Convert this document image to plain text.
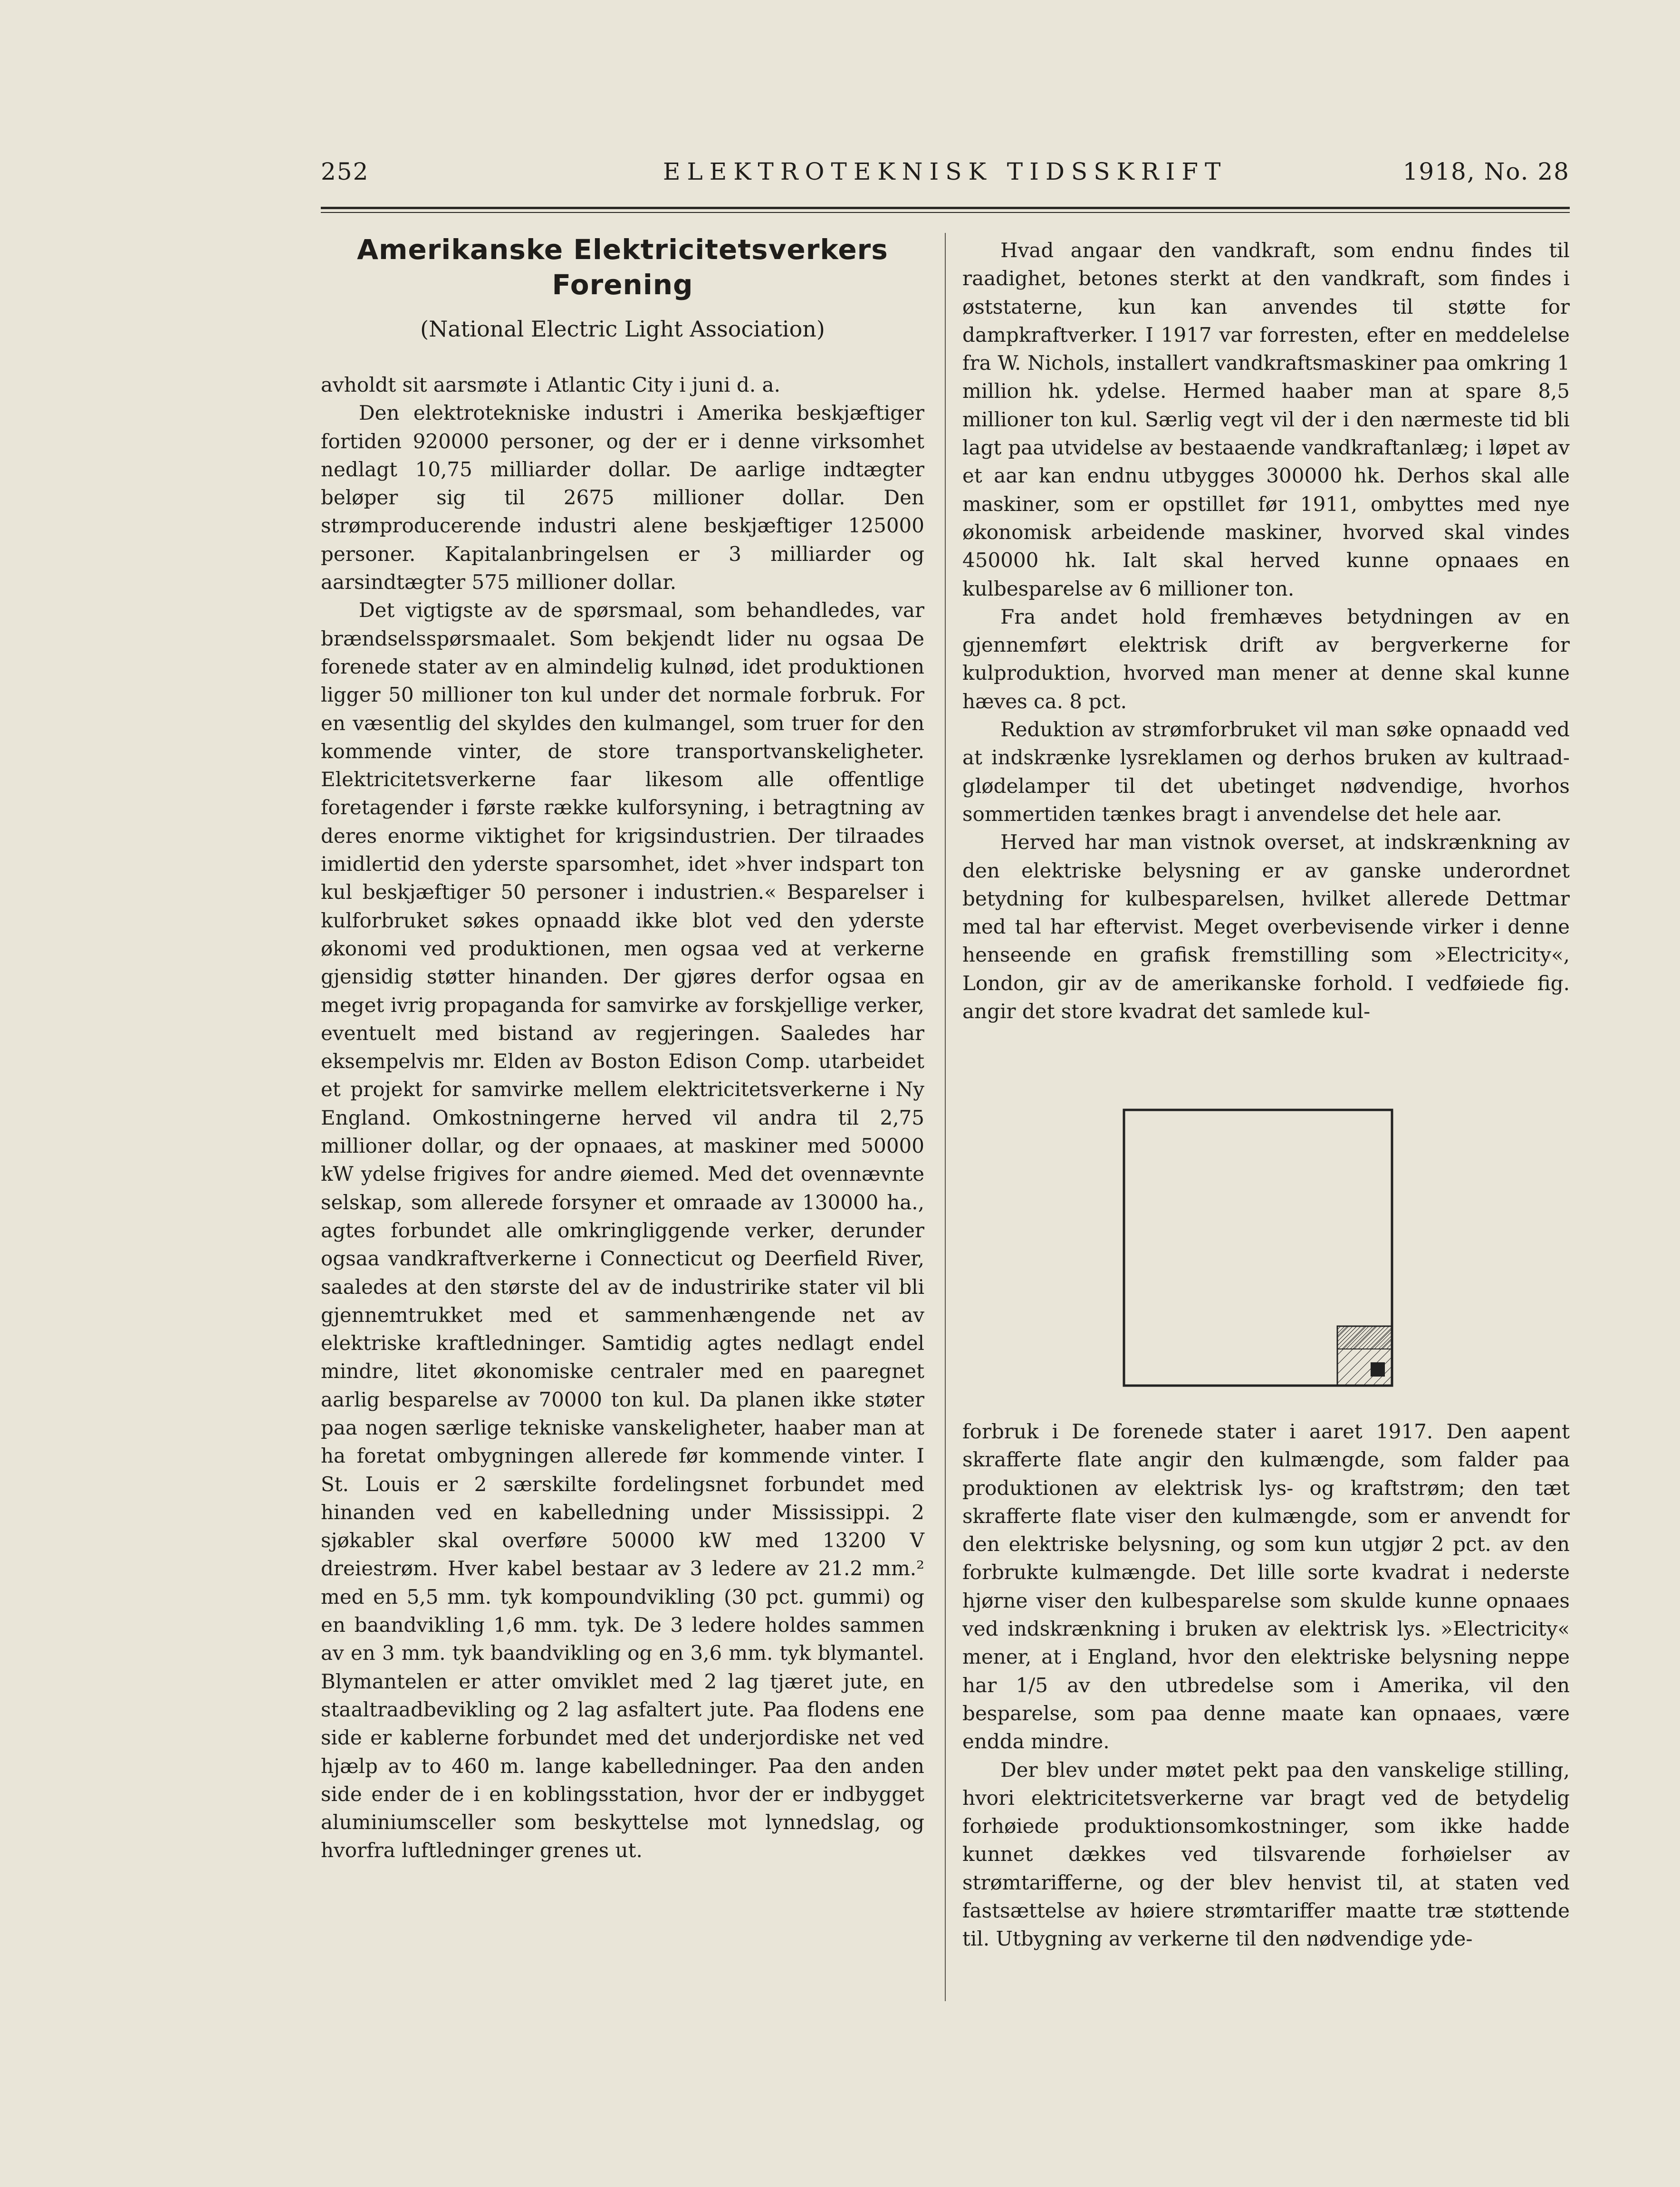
252	ELEKTROTEKNISK TIDSSKRIFT	1918, No. 28
Amerikanske Elektricitetsverkers
Forening
(National Electric Light Association)

avholdt sit aarsmøte i Atlantic City i juni d. a.

Den elektrotekniske industri i Amerika beskjæftiger fortiden 920000 personer, og der er i denne virksomhet nedlagt 10,75 milliarder dollar. De aarlige indtægter beløper sig til 2675 millioner dollar. Den strømproducerende industri alene beskjæftiger 125000 personer. Kapitalanbringelsen er 3 milliarder og aarsindtægter 575 millioner dollar.

Det vigtigste av de spørsmaal, som behandledes, var brændselsspørsmaalet. Som bekjendt lider nu ogsaa De forenede stater av en almindelig kulnød, idet produktionen ligger 50 millioner ton kul under det normale forbruk. For en væsentlig del skyldes den kulmangel, som truer for den kommende vinter, de store transportvanskeligheter. Elektricitetsverkerne faar likesom alle offentlige foretagender i første række kulforsyning, i betragtning av deres enorme viktighet for krigsindustrien. Der tilraades imidlertid den yderste sparsomhet, idet »hver indspart ton kul beskjæftiger 50 personer i industrien.« Besparelser i kulforbruket søkes opnaadd ikke blot ved den yderste økonomi ved produktionen, men ogsaa ved at verkerne gjensidig støtter hinanden. Der gjøres derfor ogsaa en meget ivrig propaganda for samvirke av forskjellige verker, eventuelt med bistand av regjeringen. Saaledes har eksempelvis mr. Elden av Boston Edison Comp. utarbeidet et projekt for samvirke mellem elektricitetsverkerne i Ny England. Omkostningerne herved vil andra til 2,75 millioner dollar, og der opnaaes, at maskiner med 50000 kW ydelse frigives for andre øiemed. Med det ovennævnte selskap, som allerede forsyner et omraade av 130000 ha., agtes forbundet alle omkringliggende verker, derunder ogsaa vandkraftverkerne i Connecticut og Deerfield River, saaledes at den største del av de industririke stater vil bli gjennemtrukket med et sammenhængende net av elektriske kraftledninger. Samtidig agtes nedlagt endel mindre, litet økonomiske centraler med en paaregnet aarlig besparelse av 70000 ton kul. Da planen ikke støter paa nogen særlige tekniske vanskeligheter, haaber man at ha foretat ombygningen allerede før kommende vinter. I St. Louis er 2 særskilte fordelingsnet forbundet med hinanden ved en kabelledning under Mississippi. 2 sjøkabler skal overføre 50000 kW med 13200 V dreiestrøm. Hver kabel bestaar av 3 ledere av 21.2 mm.² med en 5,5 mm. tyk kompoundvikling (30 pct. gummi) og en baandvikling 1,6 mm. tyk. De 3 ledere holdes sammen av en 3 mm. tyk baandvikling og en 3,6 mm. tyk blymantel. Blymantelen er atter omviklet med 2 lag tjæret jute, en staaltraadbevikling og 2 lag asfaltert jute. Paa flodens ene side er kablerne forbundet med det underjordiske net ved hjælp av to 460 m. lange kabelledninger. Paa den anden side ender de i en koblingsstation, hvor der er indbygget aluminiumsceller som beskyttelse mot lynnedslag, og hvorfra luftledninger grenes ut.

Hvad angaar den vandkraft, som endnu findes til raadighet, betones sterkt at den vandkraft, som findes i østst​aterne, kun kan anvendes til støtte for dampkraftverker. I 1917 var forresten, efter en meddelelse fra W. Nichols, installert vandkraftsmaskiner paa omkring 1 million hk. ydelse. Hermed haaber man at spare 8,5 millioner ton kul. Særlig vegt vil der i den nærmeste tid bli lagt paa utvidelse av bestaaende vandkraftanlæg; i løpet av et aar kan endnu utbygges 300000 hk. Derhos skal alle maskiner, som er opstillet før 1911, ombyttes med nye økonomisk arbeidende maskiner, hvorved skal vindes 450000 hk. Ialt skal herved kunne opnaaes en kulbesparelse av 6 millioner ton.

Fra andet hold fremhæves betydningen av en gjennemført elektrisk drift av bergverkerne for kulproduktion, hvorved man mener at denne skal kunne hæves ca. 8 pct.

Reduktion av strømforbruket vil man søke opnaadd ved at indskrænke lysreklamen og derhos bruken av kultraad-glødelamper til det ubetinget nødvendige, hvorhos sommertiden tænkes bragt i anvendelse det hele aar.

Herved har man vistnok overset, at indskrænkning av den elektriske belysning er av ganske underordnet betydning for kulbesparelsen, hvilket allerede Dettmar med tal har eftervist. Meget overbevisende virker i denne henseende en grafisk fremstilling som »Electricity«, London, gir av de amerikanske forhold. I vedføiede fig. angir det store kvadrat det samlede kul-

forbruk i De forenede stater i aaret 1917. Den aapent skrafferte flate angir den kulmængde, som falder paa produktionen av elektrisk lys- og kraftstrøm; den tæt skrafferte flate viser den kulmængde, som er anvendt for den elektriske belysning, og som kun utgjør 2 pct. av den forbrukte kulmængde. Det lille sorte kvadrat i nederste hjørne viser den kulbesparelse som skulde kunne opnaaes ved indskrænkning i bruken av elektrisk lys. »Electricity« mener, at i England, hvor den elektriske belysning neppe har 1/5 av den utbredelse som i Amerika, vil den besparelse, som paa denne maate kan opnaaes, være endda mindre.

Der blev under møtet pekt paa den vanskelige stilling, hvori elektricitetsverkerne var bragt ved de betydelig forhøiede produktionsomkostninger, som ikke hadde kunnet dækkes ved tilsvarende forhøielser av strømtarifferne, og der blev henvist til, at staten ved fastsættelse av høiere strømtariffer maatte træ støttende til. Utbygning av verkerne til den nødvendige yde-
